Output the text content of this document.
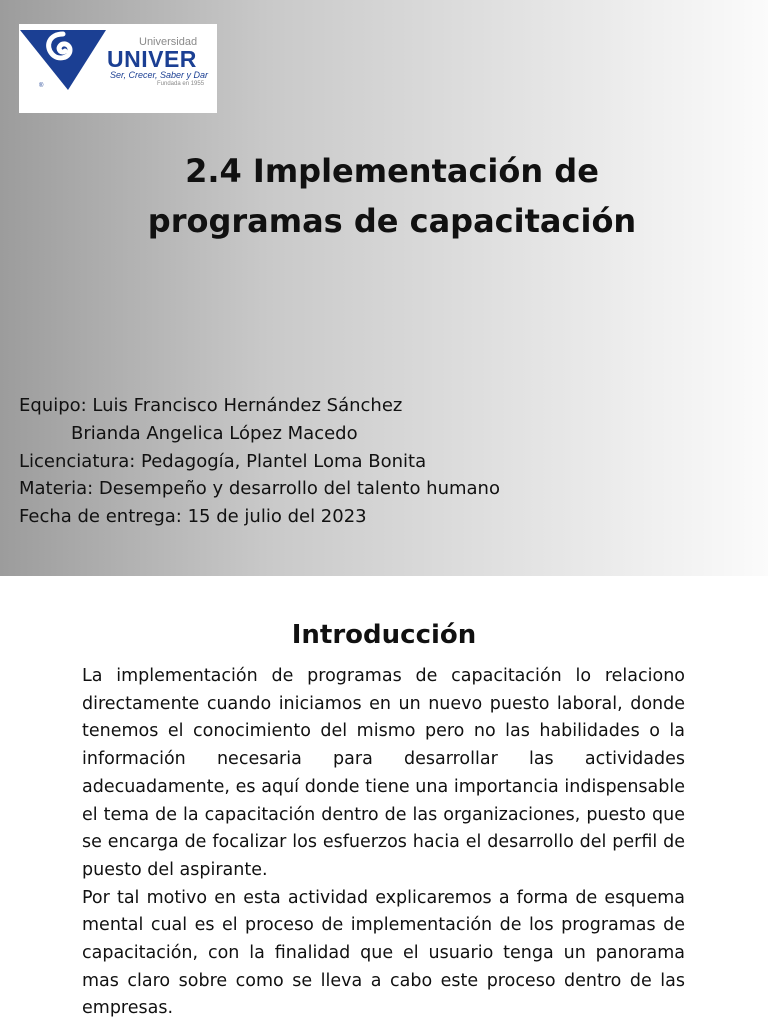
Universidad
UNIVER
Ser, Crecer, Saber y Dar
Fundada en 1955
®
2.4 Implementación de
programas de capacitación
Equipo: Luis Francisco Hernández Sánchez
Brianda Angelica López Macedo
Licenciatura: Pedagogía, Plantel Loma Bonita
Materia: Desempeño y desarrollo del talento humano
Fecha de entrega: 15 de julio del 2023
Introducción

La implementación de programas de capacitación lo relaciono directamente cuando iniciamos en un nuevo puesto laboral, donde tenemos el conocimiento del mismo pero no las habilidades o la información necesaria para desarrollar las actividades adecuadamente, es aquí donde tiene una importancia indispensable el tema de la capacitación dentro de las organizaciones, puesto que se encarga de focalizar los esfuerzos hacia el desarrollo del perfil de puesto del aspirante.

Por tal motivo en esta actividad explicaremos a forma de esquema mental cual es el proceso de implementación de los programas de capacitación, con la finalidad que el usuario tenga un panorama mas claro sobre como se lleva a cabo este proceso dentro de las empresas.
